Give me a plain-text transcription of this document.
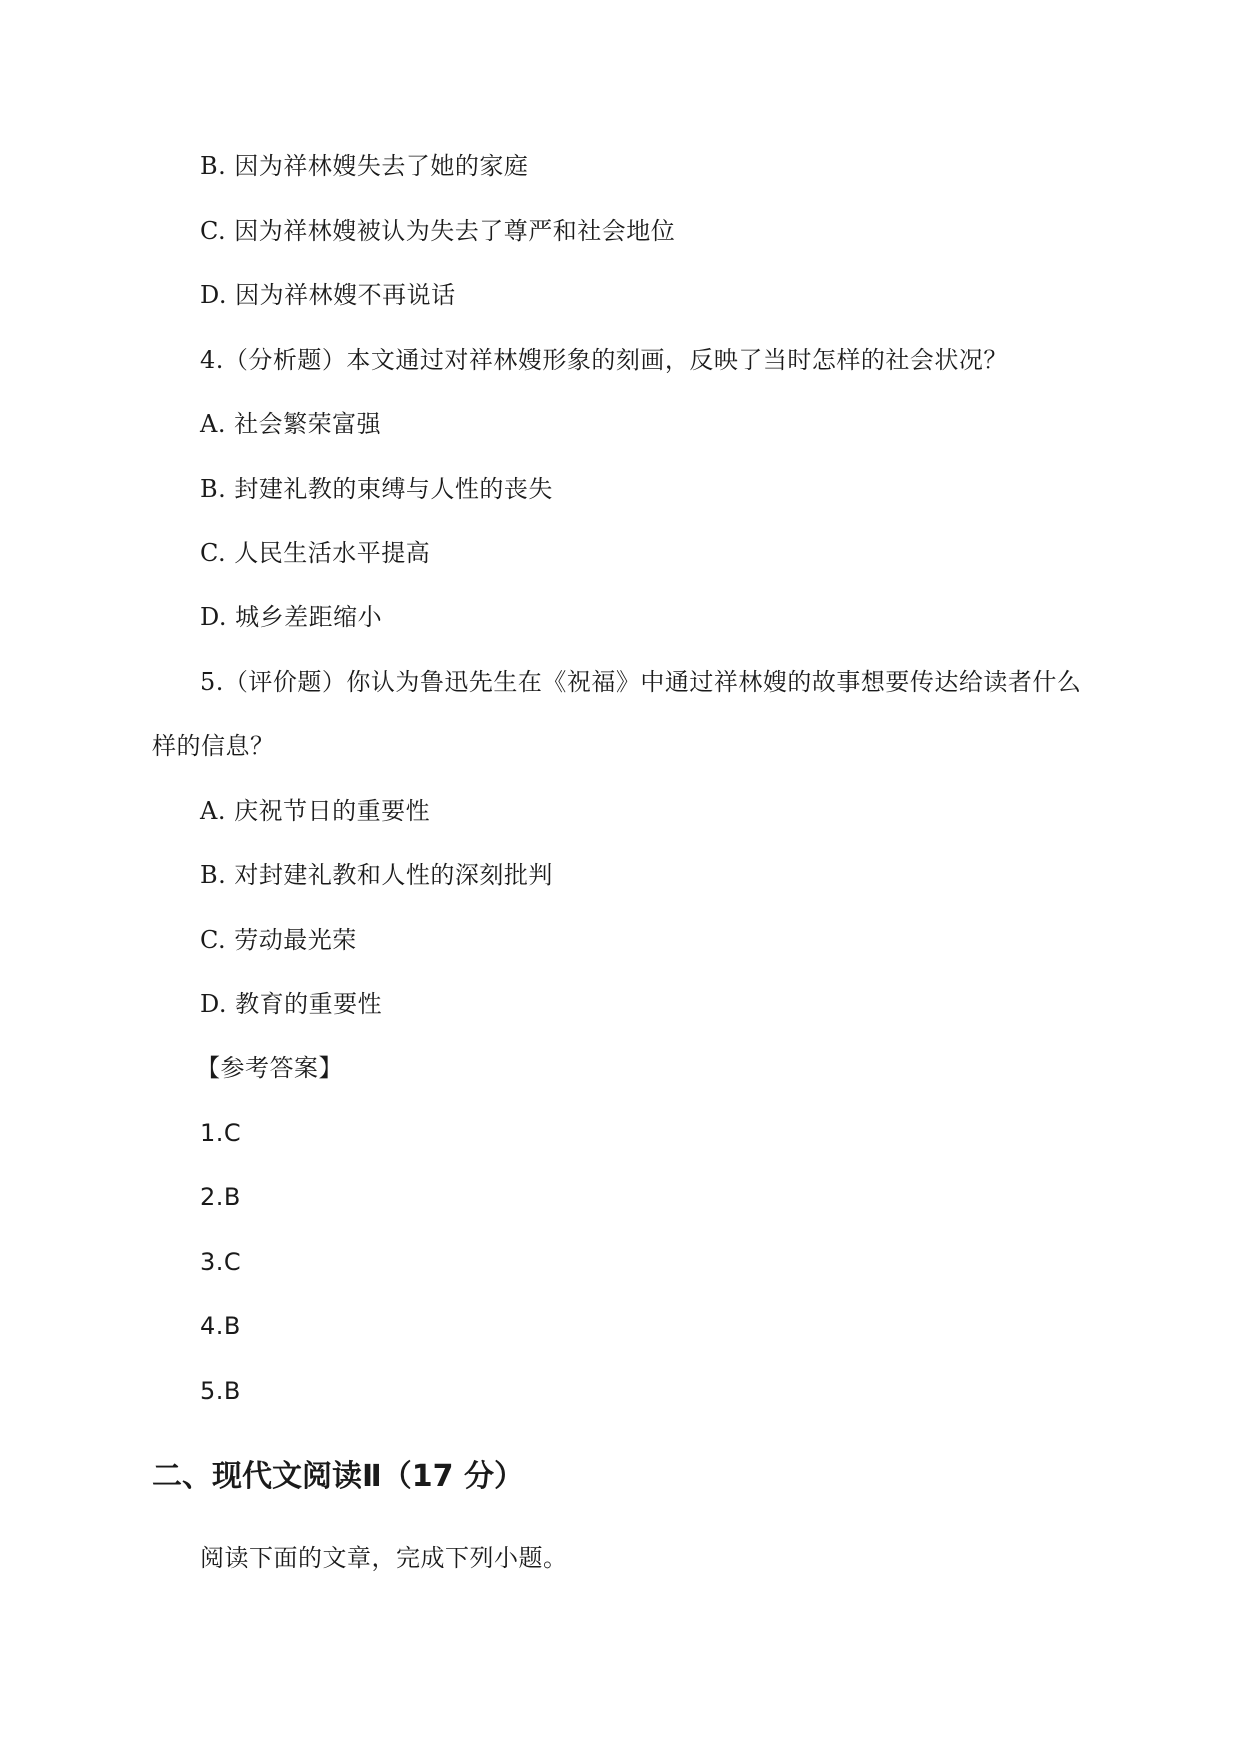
B. 因为祥林嫂失去了她的家庭
C. 因为祥林嫂被认为失去了尊严和社会地位
D. 因为祥林嫂不再说话
4.（分析题）本文通过对祥林嫂形象的刻画，反映了当时怎样的社会状况？
A. 社会繁荣富强
B. 封建礼教的束缚与人性的丧失
C. 人民生活水平提高
D. 城乡差距缩小
5.（评价题）你认为鲁迅先生在《祝福》中通过祥林嫂的故事想要传达给读者什么
样的信息？
A. 庆祝节日的重要性
B. 对封建礼教和人性的深刻批判
C. 劳动最光荣
D. 教育的重要性
【参考答案】
1.C
2.B
3.C
4.B
5.B
二、现代文阅读Ⅱ（17 分）
阅读下面的文章，完成下列小题。
